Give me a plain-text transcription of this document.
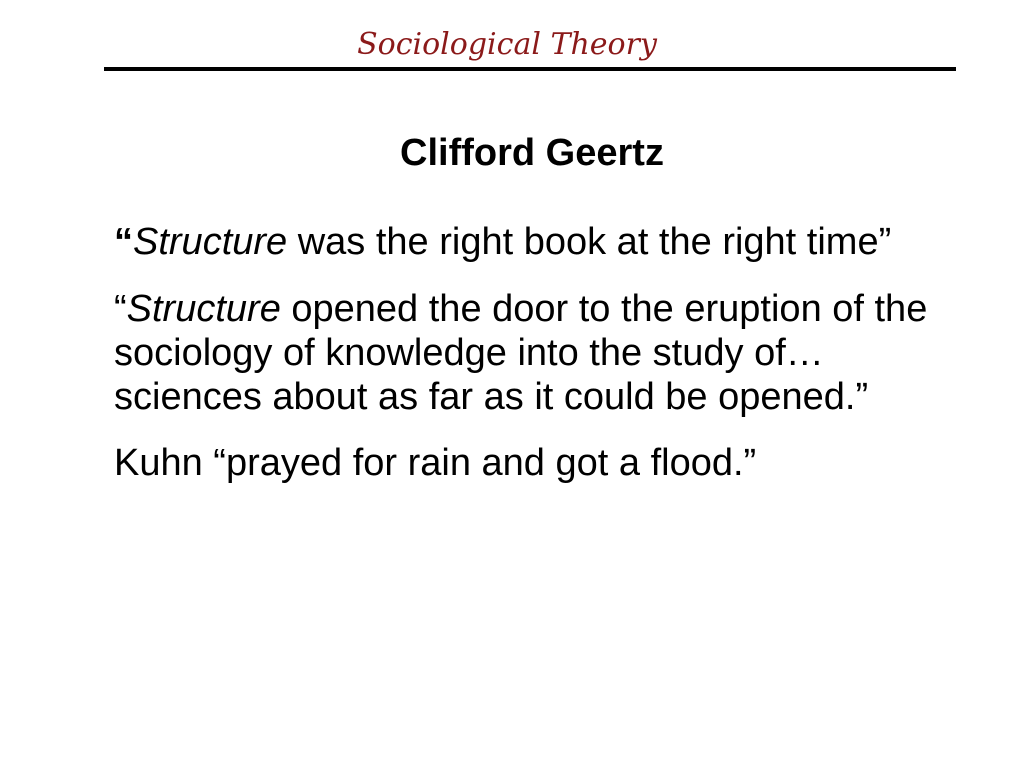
Sociological Theory
Clifford Geertz

“Structure was the right book at the right time”

“Structure opened the door to the eruption of the sociology of knowledge into the study of…sciences about as far as it could be opened.”

Kuhn “prayed for rain and got a flood.”
